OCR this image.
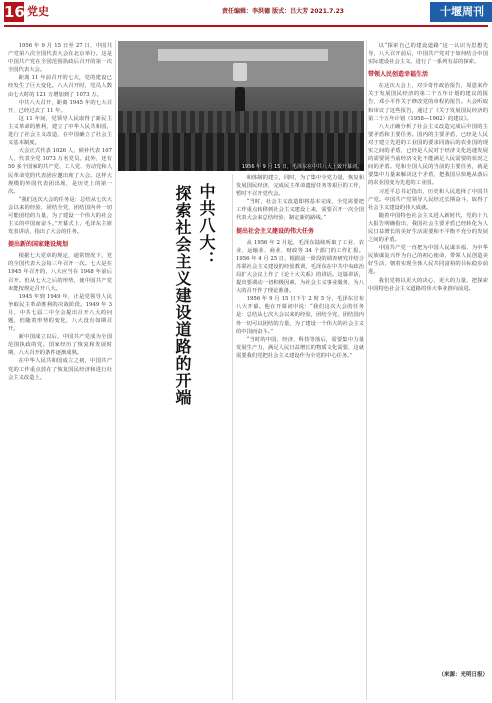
16 党史	责任编辑：李洪德 版式：吕大芳 2021.7.23	十堰周刊

1956 年 9 月 15 日至 27 日，中国共产党第八次全国代表大会在北京举行。这是中国共产党在全国范围执政后召开的第一次全国代表大会。

距离 11 年前召开的七大，党的建设已经发生了巨大变化。八大召开时，党员人数由七大时的 121 万增加到了 1073 万。

中共八大召开，距离 1945 年的七大召开，已经过去了 11 年。

这 11 年间，党领导人民取得了新民主主义革命的胜利，建立了中华人民共和国，进行了社会主义改造，在中国确立了社会主义基本制度。

大会正式代表 1026 人，候补代表 107 人，代表全党 1073 万名党员。此外，还有 50 多个国家的共产党、工人党、劳动党和人民革命党的代表团应邀出席了大会。这样大规模的外国代表团出席，是历史上的第一次。

“我们这次大会的任务是：总结从七次大会以来的经验，团结全党，团结国内外一切可能团结的力量，为了建设一个伟大的社会主义的中国而奋斗。”开幕式上，毛泽东主席发表讲话，指出了大会的任务。

提出新的国家建设规划

根据七大党章的规定，通常情况下，党的全国代表大会每三年召开一次。七大是在 1945 年召开的，八大应当在 1948 年前后召开。但从七大之后的形势，使中国共产党未能按规定召开八大。

1945 年到 1949 年，正是党领导人民争取民主革命胜利的决战阶段。1949 年 3 月，中共七届二中全会提出召开八大的问题，但随着形势的变化，八大没有如期召开。

新中国成立以后，中国共产党成为全国范围执政的党。国家经历了恢复和发展时期，八大召开的条件逐渐成熟。

在中华人民共和国成立之初，中国共产党的工作重点放在了恢复国民经济和进行社会主义改造上。

1956 年 9 月 15 日，毛泽东在中共八大上致开幕词。
中共八大：
探索社会主义建设道路的开端

和体制的建立，同时，为了集中全党力量，恢复和发展国民经济，完成民主革命遗留任务等艰巨的工作，暂时不召开党代会。

“当时，社会主义改造即将基本完成，全党需要把工作重点转移到社会主义建设上来，需要召开一次全国代表大会来总结经验、制定新的路线。”

提出社会主义建设的伟大任务

从 1956 年 2 月起，毛泽东陆续听取了工业、农业、运输业、商业、财政等 34 个部门的工作汇报。1956 年 4 月 25 日，根据前一阶段的调查研究并结合苏联社会主义建设的经验教训，毛泽东在中共中央政治局扩大会议上作了《论十大关系》的讲话。这篇讲话，提出要调动一切积极因素，为社会主义事业服务，为八大的召开作了理论准备。

1956 年 9 月 15 日下午 2 时 5 分，毛泽东宣布八大开幕。他在开幕词中说：“我们这次大会的任务是：总结从七次大会以来的经验，团结全党，团结国内外一切可以团结的力量，为了建设一个伟大的社会主义的中国而奋斗。”

“当时的中国，经济、科技等落后，需要集中力量发展生产力，满足人民日益增长的物质文化需要，这就需要我们党把社会主义建设作为全党的中心任务。”

以“探索自己的建设道路”这一认识为思想先导，八大召开前后，中国共产党对于如何结合中国实际建设社会主义，进行了一系列有益的探索。

带领人民创造幸福生活

在这次大会上，对少奇作政治报告，周恩来作关于发展国民经济的第二个五年计划的建议的报告，邓小平作关于修改党的章程的报告。大会听取和审议了这些报告，通过了《关于发展国民经济的第二个五年计划（1958—1962）的建议》。

八大正确分析了社会主义改造完成后中国的主要矛盾和主要任务。国内的主要矛盾，已经是人民对于建立先进的工业国的要求同落后的农业国的现实之间的矛盾，已经是人民对于经济文化迅速发展的需要同当前经济文化不能满足人民需要的状况之间的矛盾。党和全国人民的当前的主要任务，就是要集中力量来解决这个矛盾，把我国尽快地从落后的农业国变为先进的工业国。

习近平总书记指出，历史和人民选择了中国共产党。中国共产党领导人民经过长期奋斗，取得了社会主义建设的伟大成就。

随着中国特色社会主义进入新时代，党的十九大报告明确指出，我国社会主要矛盾已经转化为人民日益增长的美好生活需要和不平衡不充分的发展之间的矛盾。

中国共产党一直把为中国人民谋幸福、为中华民族谋复兴作为自己的初心使命，带领人民创造美好生活，朝着实现全体人民共同富裕的目标稳步前进。

我们党将以更大的决心、更大的力量，把探索中国特色社会主义道路的伟大事业推向前进。

（来源：光明日报）
